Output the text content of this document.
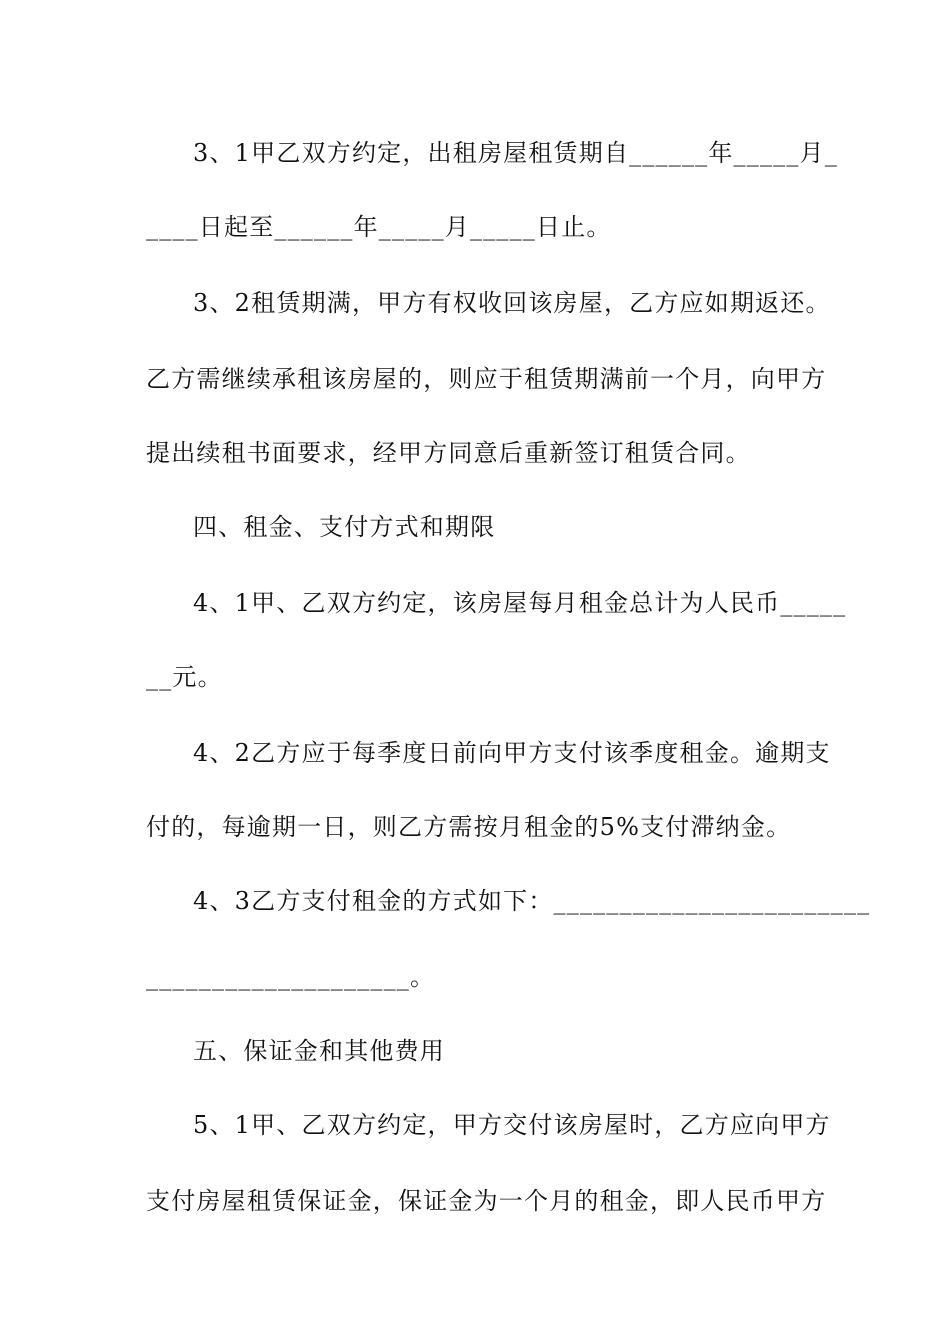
3、1甲乙双方约定，出租房屋租赁期自______年_____月_
____日起至______年_____月_____日止。
3、2租赁期满，甲方有权收回该房屋，乙方应如期返还。
乙方需继续承租该房屋的，则应于租赁期满前一个月，向甲方
提出续租书面要求，经甲方同意后重新签订租赁合同。
四、租金、支付方式和期限
4、1甲、乙双方约定，该房屋每月租金总计为人民币_____
__元。
4、2乙方应于每季度日前向甲方支付该季度租金。逾期支
付的，每逾期一日，则乙方需按月租金的5%支付滞纳金。
4、3乙方支付租金的方式如下：________________________
____________________。
五、保证金和其他费用
5、1甲、乙双方约定，甲方交付该房屋时，乙方应向甲方
支付房屋租赁保证金，保证金为一个月的租金，即人民币甲方
